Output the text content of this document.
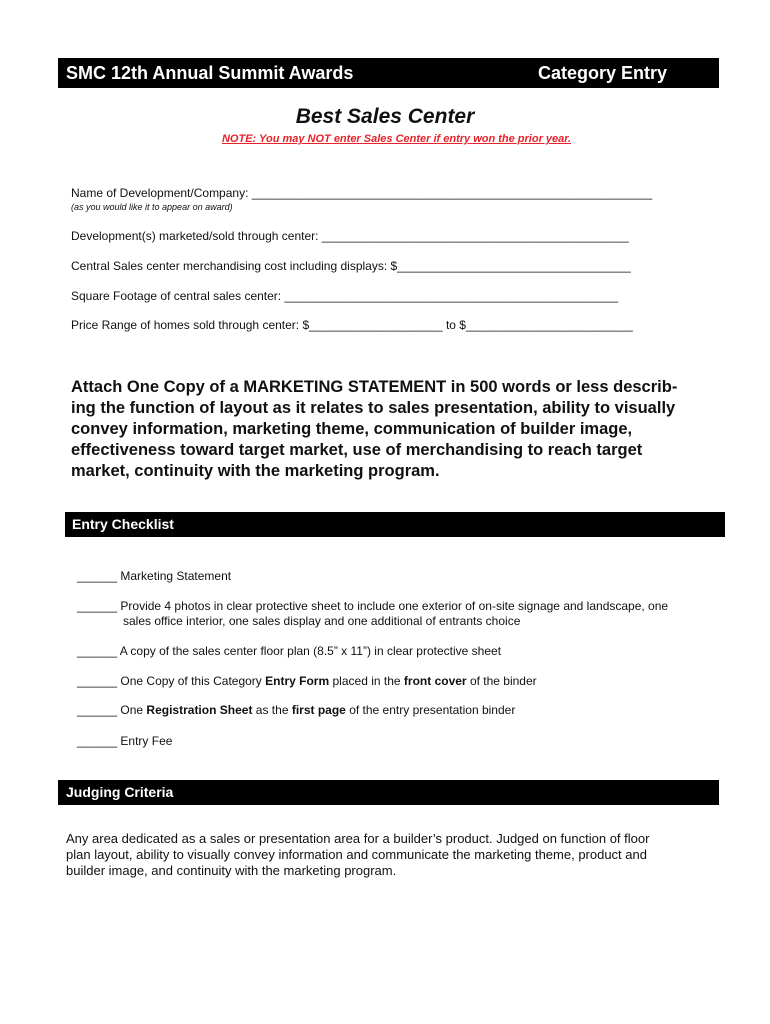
SMC 12th Annual Summit Awards	Category Entry
Best Sales Center
NOTE: You may NOT enter Sales Center if entry won the prior year.
Name of Development/Company: ____________________________________________________________
(as you would like it to appear on award)
Development(s) marketed/sold through center: ______________________________________________
Central Sales center merchandising cost including displays: $___________________________________
Square Footage of central sales center: __________________________________________________
Price Range of homes sold through center: $____________________ to $_________________________
Attach One Copy of a MARKETING STATEMENT in 500 words or less describ-
ing the function of layout as it relates to sales presentation, ability to visually
convey information, marketing theme, communication of builder image,
effectiveness toward target market, use of merchandising to reach target
market, continuity with the marketing program.
Entry Checklist
______ Marketing Statement
______ Provide 4 photos in clear protective sheet to include one exterior of on-site signage and landscape, one
sales office interior, one sales display and one additional of entrants choice
______ A copy of the sales center floor plan (8.5” x 11”) in clear protective sheet
______ One Copy of this Category Entry Form placed in the front cover of the binder
______ One Registration Sheet as the first page of the entry presentation binder
______ Entry Fee
Judging Criteria
Any area dedicated as a sales or presentation area for a builder’s product. Judged on function of floor
plan layout, ability to visually convey information and communicate the marketing theme, product and
builder image, and continuity with the marketing program.
